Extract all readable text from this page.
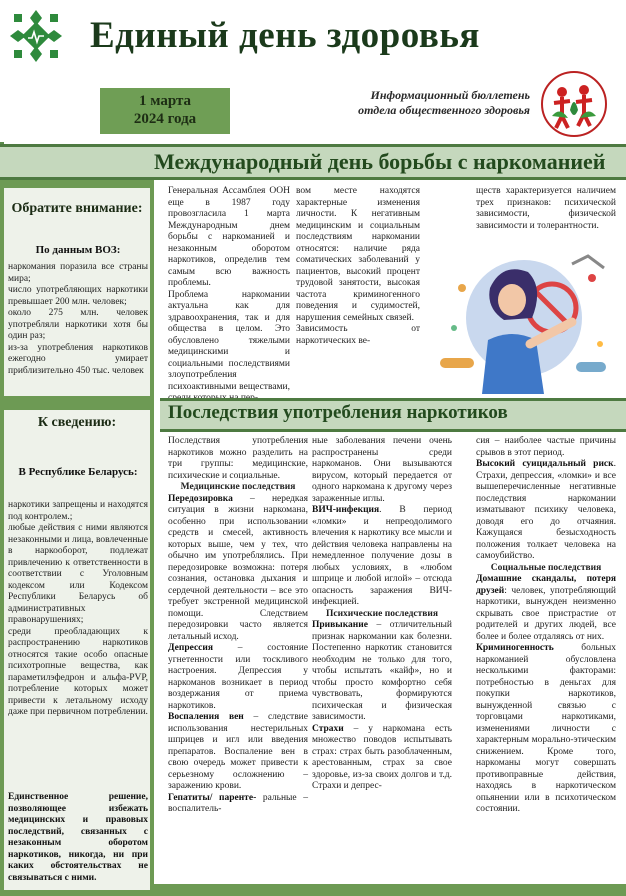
Единый день здоровья
1 марта
2024 года
Информационный бюллетень
отдела общественного здоровья
Международный день борьбы с наркоманией
Обратите внимание:
По данным ВОЗ:
наркомания поразила все страны мира;
число употребляющих наркотики превышает 200 млн. человек;
около 275 млн. человек употребляли наркотики хотя бы один раз;
из-за употребления наркотиков ежегодно умирает приблизительно 450 тыс. человек
К сведению:
В Республике Беларусь:
наркотики запрещены и находятся под контролем.;
любые действия с ними являются незаконными и лица, вовлеченные в наркооборот, подлежат привлечению к ответственности в соответствии с Уголовным кодексом или Кодексом Республики Беларусь об административных правонарушениях;
среди преобладающих к распространению наркотиков относятся такие особо опасные психотропные вещества, как параметилэфедрон и альфа-PVP, потребление которых может привести к летальному исходу даже при первичном потреблении.
Единственное решение, позволяющее избежать медицинских и правовых последствий, связанных с незаконным оборотом наркотиков, никогда, ни при каких обстоятельствах не связываться с ними.
Генеральная Ассамблея ООН еще в 1987 году провозгласила 1 марта Международным днем борьбы с наркоманией и незаконным оборотом наркотиков, определив тем самым всю важность проблемы.
Проблема наркомании актуальна как для здравоохранения, так и для общества в целом. Это обусловлено тяжелыми медицинскими и социальными последствиями злоупотребления психоактивными веществами,
вом месте находятся характерные изменения личности. К негативным медицинским и социальным последствиям наркомании относятся: наличие ряда соматических заболеваний у пациентов, высокий процент трудовой занятости, высокая частота криминогенного поведения и судимостей, нарушения семейных связей.
Зависимость от наркотических ве-
ществ характеризуется наличием трех признаков: психической зависимости, физической зависимости и толерантности.
Последствия употребления наркотиков
Последствия употребления наркотиков можно разделить на три группы: медицинские, психические и социальные.
Медицинские последствия
Передозировка – нередкая ситуация в жизни наркомана, особенно при использовании средств и смесей, активность которых выше, чем у тех, что обычно им употреблялись. При передозировке возможна: потеря сознания, остановка дыхания и сердечной деятельности – все это требует экстренной медицинской помощи. Следствием передозировки часто является летальный исход.
Депрессия – состояние угнетенности или тоскливого настроения. Депрессия у наркоманов возникает в период воздержания от приема наркотиков.
Воспаления вен – следствие использования нестерильных шприцев и игл или введения препаратов. Воспаление вен в свою очередь может привести к серьезному осложнению – заражению крови.
Гепатиты/ паренте- ральные – воспалитель-
ные заболевания печени очень распространены среди наркоманов. Они вызываются вирусом, который передается от одного наркомана к другому через зараженные иглы.
ВИЧ-инфекция. В период «ломки» и непреодолимого влечения к наркотику все мысли и действия человека направлены на немедленное получение дозы в любых условиях, в «любом шприце и любой иглой» – отсюда опасность заражения ВИЧ-инфекцией.
Психические последствия
Привыкание – отличительный признак наркомании как болезни. Постепенно наркотик становится необходим не только для того, чтобы испытать «кайф», но и чтобы просто комфортно себя чувствовать, формируются психическая и физическая зависимости.
Страхи – у наркомана есть множество поводов испытывать страх: страх быть разоблаченным, арестованным, страх за свое здоровье, из-за своих долгов и т.д. Страхи и депрес-
сия – наиболее частые причины срывов в этот период.
Высокий суицидальный риск. Страхи, депрессия, «ломки» и все вышеперечисленные негативные последствия наркомании изматывают психику человека, доводя его до отчаяния. Кажущаяся безысходность положения толкает человека на самоубийство.
Социальные последствия
Домашние скандалы, потеря друзей: человек, употребляющий наркотики, вынужден неизменно скрывать свое пристрастие от родителей и других людей, все более и более отдаляясь от них.
Криминогенность больных наркоманией обусловлена несколькими факторами: потребностью в деньгах для покупки наркотиков, вынужденной связью с торговцами наркотиками, изменениями личности с характерным морально-этическим снижением. Кроме того, наркоманы могут совершать противоправные действия, находясь в наркотическом опьянении или в психотическом состоянии.
